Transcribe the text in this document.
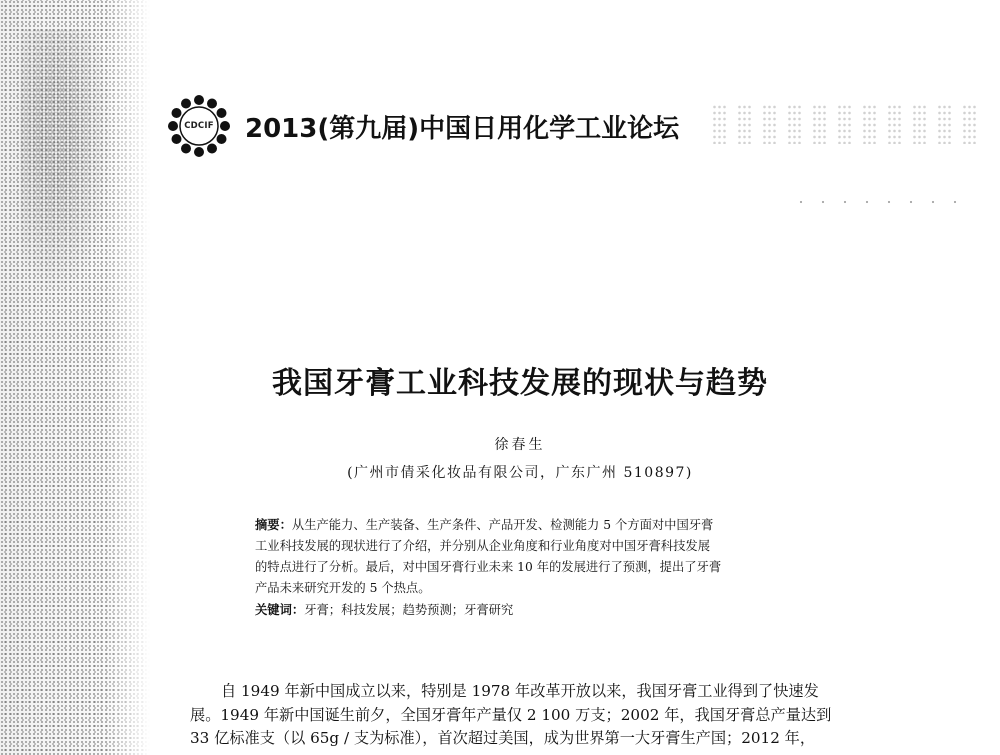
CDCIF 2013(第九届)中国日用化学工业论坛
我国牙膏工业科技发展的现状与趋势
徐春生
(广州市倩采化妆品有限公司，广东广州 510897)
摘要：从生产能力、生产装备、生产条件、产品开发、检测能力 5 个方面对中国牙膏
工业科技发展的现状进行了介绍，并分别从企业角度和行业角度对中国牙膏科技发展
的特点进行了分析。最后，对中国牙膏行业未来 10 年的发展进行了预测，提出了牙膏
产品未来研究开发的 5 个热点。
关键词：牙膏；科技发展；趋势预测；牙膏研究
自 1949 年新中国成立以来，特别是 1978 年改革开放以来，我国牙膏工业得到了快速发
展。1949 年新中国诞生前夕，全国牙膏年产量仅 2 100 万支；2002 年，我国牙膏总产量达到
33 亿标准支（以 65g / 支为标准），首次超过美国，成为世界第一大牙膏生产国；2012 年，
